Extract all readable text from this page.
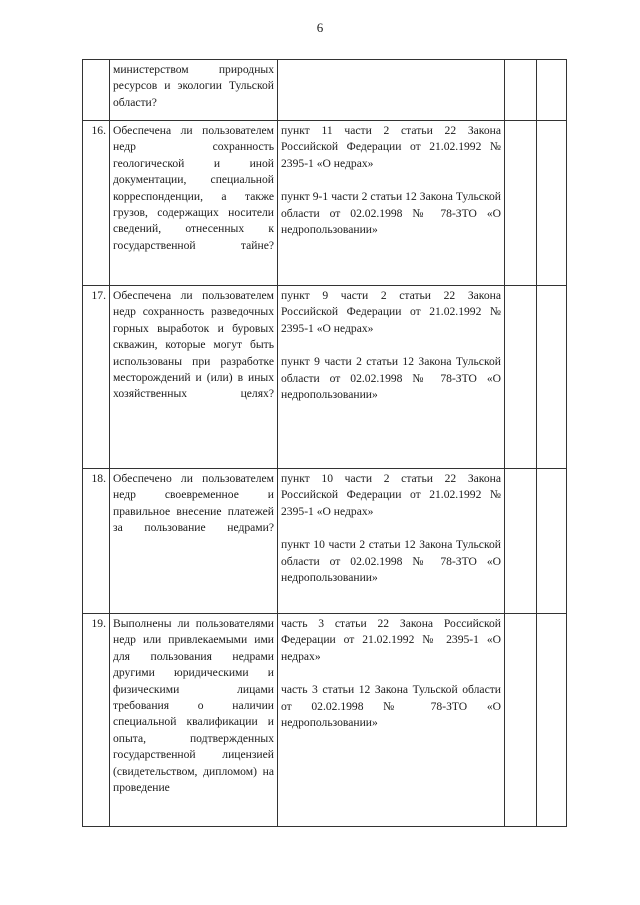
6
	министерством природных ресурсов и экологии Тульской области?			
16.	Обеспечена ли пользователем недр сохранность геологической и иной документации, специальной корреспонденции, а также грузов, содержащих носители сведений, отнесенных к государственной тайне?	пункт 11 части 2 статьи 22 Закона Российской Федерации от 21.02.1992 № 2395-1 «О недрах»

пункт 9-1 части 2 статьи 12 Закона Тульской области от 02.02.1998 № 78-ЗТО «О недропользовании»		

17.	Обеспечена ли пользователем недр сохранность разведочных горных выработок и буровых скважин, которые могут быть использованы при разработке месторождений и (или) в иных хозяйственных целях?	пункт 9 части 2 статьи 22 Закона Российской Федерации от 21.02.1992 № 2395-1 «О недрах»

пункт 9 части 2 статьи 12 Закона Тульской области от 02.02.1998 № 78-ЗТО «О недропользовании»		

18.	Обеспечено ли пользователем недр своевременное и правильное внесение платежей за пользование недрами?	пункт 10 части 2 статьи 22 Закона Российской Федерации от 21.02.1992 № 2395-1 «О недрах»

пункт 10 части 2 статьи 12 Закона Тульской области от 02.02.1998 № 78-ЗТО «О недропользовании»		

19.	Выполнены ли пользователями недр или привлекаемыми ими для пользования недрами другими юридическими и физическими лицами требования о наличии специальной квалификации и опыта, подтвержденных государственной лицензией (свидетельством, дипломом) на проведение	часть 3 статьи 22 Закона Российской Федерации от 21.02.1992 № 2395-1 «О недрах»

часть 3 статьи 12 Закона Тульской области от 02.02.1998 № 78-ЗТО «О недропользовании»		
